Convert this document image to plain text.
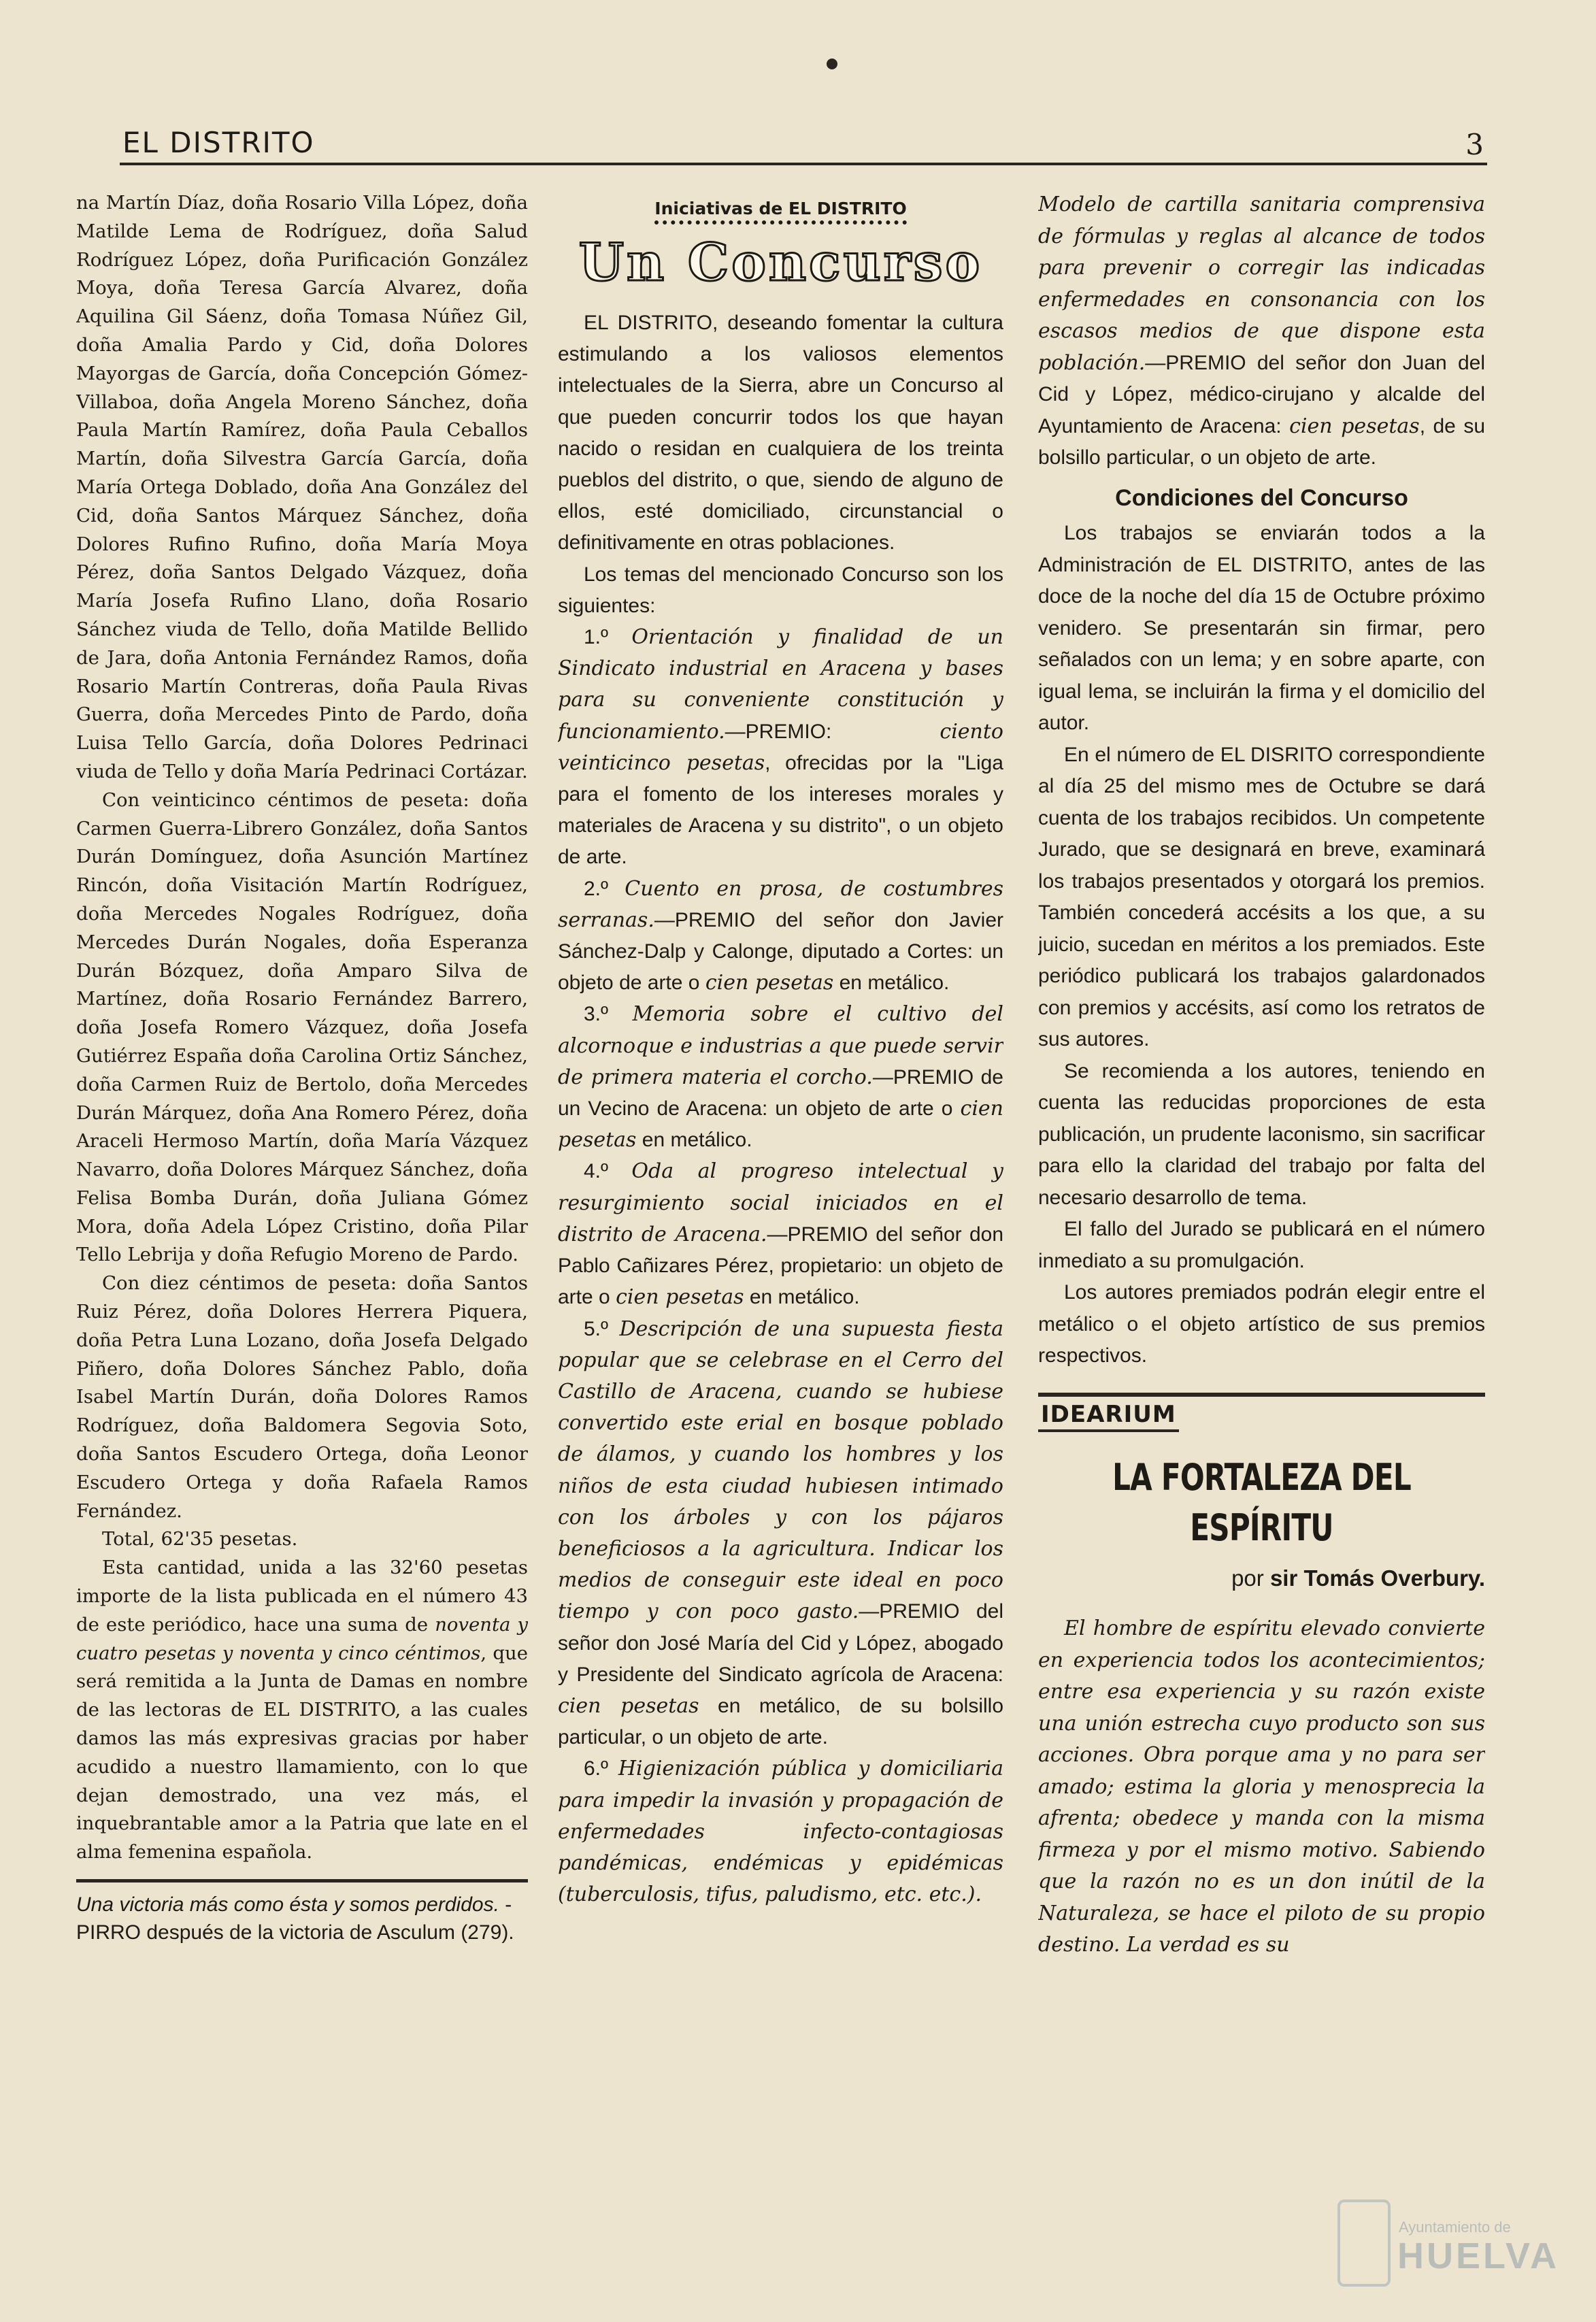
EL DISTRITO	3

na Martín Díaz, doña Rosario Villa López, doña Matilde Lema de Rodríguez, doña Salud Rodríguez López, doña Purificación González Moya, doña Teresa García Alvarez, doña Aquilina Gil Sáenz, doña Tomasa Núñez Gil, doña Amalia Pardo y Cid, doña Dolores Mayorgas de García, doña Concepción Gómez-Villaboa, doña Angela Moreno Sánchez, doña Paula Martín Ramírez, doña Paula Ceballos Martín, doña Silvestra García García, doña María Ortega Doblado, doña Ana González del Cid, doña Santos Márquez Sánchez, doña Dolores Rufino Rufino, doña María Moya Pérez, doña Santos Delgado Vázquez, doña María Josefa Rufino Llano, doña Rosario Sánchez viuda de Tello, doña Matilde Bellido de Jara, doña Antonia Fernández Ramos, doña Rosario Martín Contreras, doña Paula Rivas Guerra, doña Mercedes Pinto de Pardo, doña Luisa Tello García, doña Dolores Pedrinaci viuda de Tello y doña María Pedrinaci Cortázar.

Con veinticinco céntimos de peseta: doña Carmen Guerra-Librero González, doña Santos Durán Domínguez, doña Asunción Martínez Rincón, doña Visitación Martín Rodríguez, doña Mercedes Nogales Rodríguez, doña Mercedes Durán Nogales, doña Esperanza Durán Bózquez, doña Amparo Silva de Martínez, doña Rosario Fernández Barrero, doña Josefa Romero Vázquez, doña Josefa Gutiérrez España doña Carolina Ortiz Sánchez, doña Carmen Ruiz de Bertolo, doña Mercedes Durán Márquez, doña Ana Romero Pérez, doña Araceli Hermoso Martín, doña María Vázquez Navarro, doña Dolores Márquez Sánchez, doña Felisa Bomba Durán, doña Juliana Gómez Mora, doña Adela López Cristino, doña Pilar Tello Lebrija y doña Refugio Moreno de Pardo.

Con diez céntimos de peseta: doña Santos Ruiz Pérez, doña Dolores Herrera Piquera, doña Petra Luna Lozano, doña Josefa Delgado Piñero, doña Dolores Sánchez Pablo, doña Isabel Martín Durán, doña Dolores Ramos Rodríguez, doña Baldomera Segovia Soto, doña Santos Escudero Ortega, doña Leonor Escudero Ortega y doña Rafaela Ramos Fernández.

Total, 62'35 pesetas.

Esta cantidad, unida a las 32'60 pesetas importe de la lista publicada en el número 43 de este periódico, hace una suma de noventa y cuatro pesetas y noventa y cinco céntimos, que será remitida a la Junta de Damas en nombre de las lectoras de EL DISTRITO, a las cuales damos las más expresivas gracias por haber acudido a nuestro llamamiento, con lo que dejan demostrado, una vez más, el inquebrantable amor a la Patria que late en el alma femenina española.

Una victoria más como ésta y somos perdidos. - PIRRO después de la victoria de Asculum (279).

Iniciativas de EL DISTRITO
Un Concurso

EL DISTRITO, deseando fomentar la cultura estimulando a los valiosos elementos intelectuales de la Sierra, abre un Concurso al que pueden concurrir todos los que hayan nacido o residan en cualquiera de los treinta pueblos del distrito, o que, siendo de alguno de ellos, esté domiciliado, circunstancial o definitivamente en otras poblaciones.

Los temas del mencionado Concurso son los siguientes:

1.º Orientación y finalidad de un Sindicato industrial en Aracena y bases para su conveniente constitución y funcionamiento.—PREMIO: ciento veinticinco pesetas, ofrecidas por la "Liga para el fomento de los intereses morales y materiales de Aracena y su distrito", o un objeto de arte.

2.º Cuento en prosa, de costumbres serranas.—PREMIO del señor don Javier Sánchez-Dalp y Calonge, diputado a Cortes: un objeto de arte o cien pesetas en metálico.

3.º Memoria sobre el cultivo del alcornoque e industrias a que puede servir de primera materia el corcho.—PREMIO de un Vecino de Aracena: un objeto de arte o cien pesetas en metálico.

4.º Oda al progreso intelectual y resurgimiento social iniciados en el distrito de Aracena.—PREMIO del señor don Pablo Cañizares Pérez, propietario: un objeto de arte o cien pesetas en metálico.

5.º Descripción de una supuesta fiesta popular que se celebrase en el Cerro del Castillo de Aracena, cuando se hubiese convertido este erial en bosque poblado de álamos, y cuando los hombres y los niños de esta ciudad hubiesen intimado con los árboles y con los pájaros beneficiosos a la agricultura. Indicar los medios de conseguir este ideal en poco tiempo y con poco gasto.—PREMIO del señor don José María del Cid y López, abogado y Presidente del Sindicato agrícola de Aracena: cien pesetas en metálico, de su bolsillo particular, o un objeto de arte.

6.º Higienización pública y domiciliaria para impedir la invasión y propagación de enfermedades infecto-contagiosas pandémicas, endémicas y epidémicas (tuberculosis, tifus, paludismo, etc. etc.).

Modelo de cartilla sanitaria comprensiva de fórmulas y reglas al alcance de todos para prevenir o corregir las indicadas enfermedades en consonancia con los escasos medios de que dispone esta población.—PREMIO del señor don Juan del Cid y López, médico-cirujano y alcalde del Ayuntamiento de Aracena: cien pesetas, de su bolsillo particular, o un objeto de arte.

Condiciones del Concurso

Los trabajos se enviarán todos a la Administración de EL DISTRITO, antes de las doce de la noche del día 15 de Octubre próximo venidero. Se presentarán sin firmar, pero señalados con un lema; y en sobre aparte, con igual lema, se incluirán la firma y el domicilio del autor.

En el número de EL DISRITO correspondiente al día 25 del mismo mes de Octubre se dará cuenta de los trabajos recibidos. Un competente Jurado, que se designará en breve, examinará los trabajos presentados y otorgará los premios. También concederá accésits a los que, a su juicio, sucedan en méritos a los premiados. Este periódico publicará los trabajos galardonados con premios y accésits, así como los retratos de sus autores.

Se recomienda a los autores, teniendo en cuenta las reducidas proporciones de esta publicación, un prudente laconismo, sin sacrificar para ello la claridad del trabajo por falta del necesario desarrollo de tema.

El fallo del Jurado se publicará en el número inmediato a su promulgación.

Los autores premiados podrán elegir entre el metálico o el objeto artístico de sus premios respectivos.

IDEARIUM
LA FORTALEZA DEL ESPÍRITU
por sir Tomás Overbury.

El hombre de espíritu elevado convierte en experiencia todos los acontecimientos; entre esa experiencia y su razón existe una unión estrecha cuyo producto son sus acciones. Obra porque ama y no para ser amado; estima la gloria y menosprecia la afrenta; obedece y manda con la misma firmeza y por el mismo motivo. Sabiendo que la razón no es un don inútil de la Naturaleza, se hace el piloto de su propio destino. La verdad es su

Ayuntamiento de
HUELVA
